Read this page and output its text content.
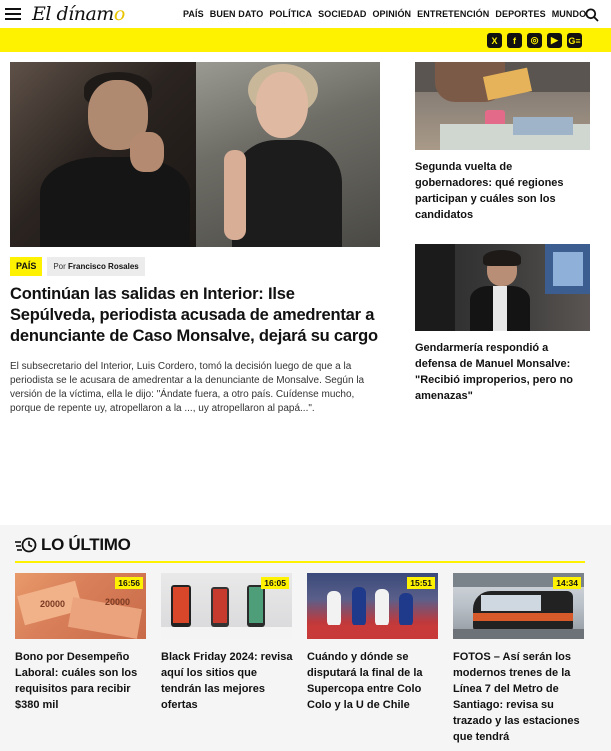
El dínamo	PAÍS BUEN DATO POLÍTICA SOCIEDAD OPINIÓN ENTRETENCIÓN DEPORTES MUNDO
X	f	◎	▶	G≡
PAÍS	Por Francisco Rosales
Continúan las salidas en Interior: Ilse Sepúlveda, periodista acusada de amedrentar a denunciante de Caso Monsalve, dejará su cargo

El subsecretario del Interior, Luis Cordero, tomó la decisión luego de que a la periodista se le acusara de amedrentar a la denunciante de Monsalve. Según la versión de la víctima, ella le dijo: "Ándate fuera, a otro país. Cuídense mucho, porque de repente uy, atropellaron a la ..., uy atropellaron al papá...".

Segunda vuelta de gobernadores: qué regiones participan y cuáles son los candidatos
Gendarmería respondió a defensa de Manuel Monsalve: "Recibió improperios, pero no amenazas"
LO ÚLTIMO
20000	20000
16:56
Bono por Desempeño Laboral: cuáles son los requisitos para recibir $380 mil
16:05
Black Friday 2024: revisa aquí los sitios que tendrán las mejores ofertas
15:51
Cuándo y dónde se disputará la final de la Supercopa entre Colo Colo y la U de Chile
14:34
FOTOS – Así serán los modernos trenes de la Línea 7 del Metro de Santiago: revisa su trazado y las estaciones que tendrá
